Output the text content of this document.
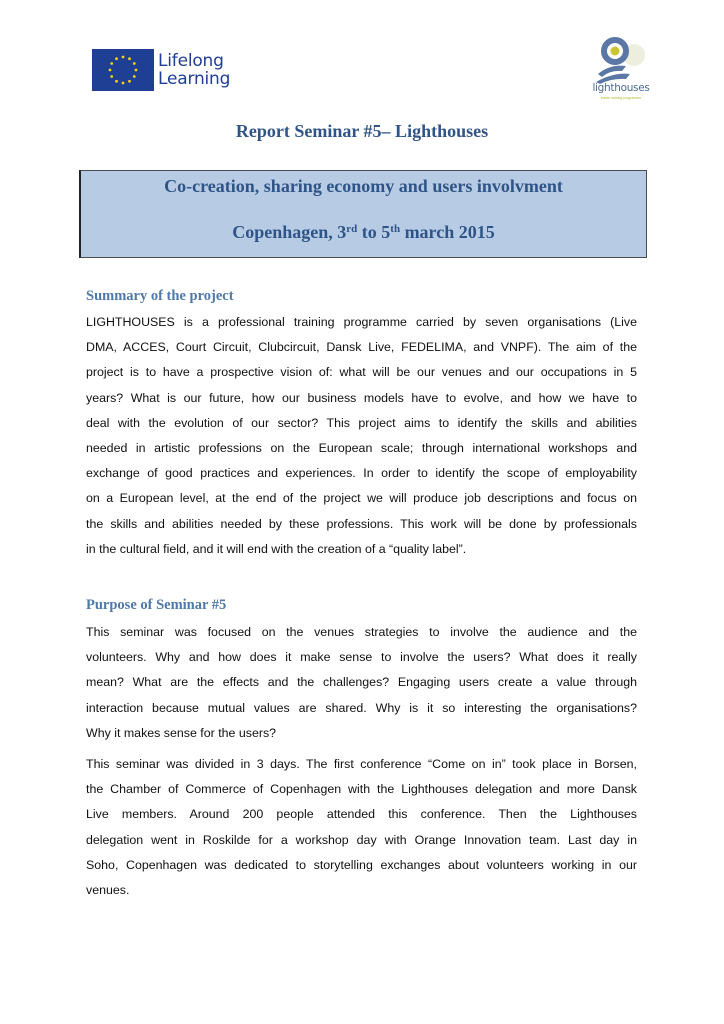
Lifelong
Learning	lighthouses
inside training programme
Report Seminar #5– Lighthouses
Co-creation, sharing economy and users involvment
Copenhagen, 3rd to 5th march 2015
Summary of the project
LIGHTHOUSES is a professional training programme carried by seven organisations (Live
DMA, ACCES, Court Circuit, Clubcircuit, Dansk Live, FEDELIMA, and VNPF). The aim of the
project is to have a prospective vision of: what will be our venues and our occupations in 5
years? What is our future, how our business models have to evolve, and how we have to
deal with the evolution of our sector? This project aims to identify the skills and abilities
needed in artistic professions on the European scale; through international workshops and
exchange of good practices and experiences. In order to identify the scope of employability
on a European level, at the end of the project we will produce job descriptions and focus on
the skills and abilities needed by these professions. This work will be done by professionals
in the cultural field, and it will end with the creation of a “quality label”.
Purpose of Seminar #5
This seminar was focused on the venues strategies to involve the audience and the
volunteers. Why and how does it make sense to involve the users? What does it really
mean? What are the effects and the challenges? Engaging users create a value through
interaction because mutual values are shared. Why is it so interesting the organisations?
Why it makes sense for the users?
This seminar was divided in 3 days. The first conference “Come on in” took place in Borsen,
the Chamber of Commerce of Copenhagen with the Lighthouses delegation and more Dansk
Live members. Around 200 people attended this conference. Then the Lighthouses
delegation went in Roskilde for a workshop day with Orange Innovation team. Last day in
Soho, Copenhagen was dedicated to storytelling exchanges about volunteers working in our
venues.
